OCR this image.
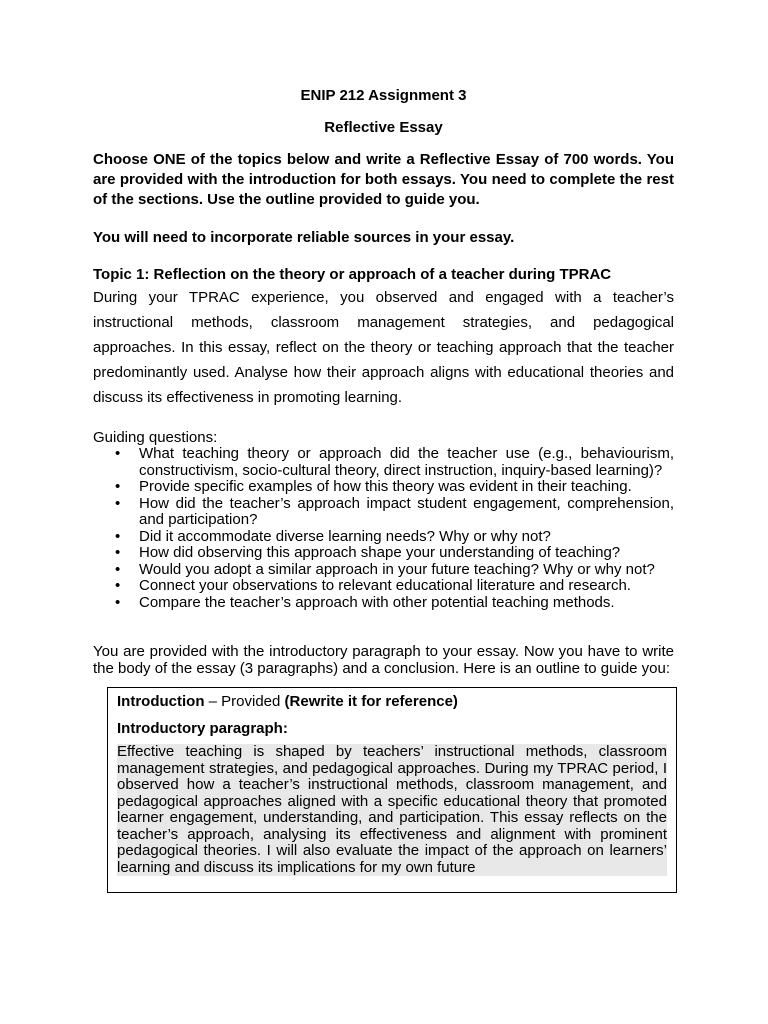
ENIP 212 Assignment 3

Reflective Essay

Choose ONE of the topics below and write a Reflective Essay of 700 words. You are provided with the introduction for both essays. You need to complete the rest of the sections. Use the outline provided to guide you.

You will need to incorporate reliable sources in your essay.

Topic 1: Reflection on the theory or approach of a teacher during TPRAC

During your TPRAC experience, you observed and engaged with a teacher’s instructional methods, classroom management strategies, and pedagogical approaches. In this essay, reflect on the theory or teaching approach that the teacher predominantly used. Analyse how their approach aligns with educational theories and discuss its effectiveness in promoting learning.

Guiding questions:

• What teaching theory or approach did the teacher use (e.g., behaviourism, constructivism, socio-cultural theory, direct instruction, inquiry-based learning)?
• Provide specific examples of how this theory was evident in their teaching.
• How did the teacher’s approach impact student engagement, comprehension, and participation?
• Did it accommodate diverse learning needs? Why or why not?
• How did observing this approach shape your understanding of teaching?
• Would you adopt a similar approach in your future teaching? Why or why not?
• Connect your observations to relevant educational literature and research.
• Compare the teacher’s approach with other potential teaching methods.

You are provided with the introductory paragraph to your essay. Now you have to write the body of the essay (3 paragraphs) and a conclusion. Here is an outline to guide you:

Introduction – Provided (Rewrite it for reference)

Introductory paragraph:

Effective teaching is shaped by teachers’ instructional methods, classroom management strategies, and pedagogical approaches. During my TPRAC period, I observed how a teacher’s instructional methods, classroom management, and pedagogical approaches aligned with a specific educational theory that promoted learner engagement, understanding, and participation. This essay reflects on the teacher’s approach, analysing its effectiveness and alignment with prominent pedagogical theories. I will also evaluate the impact of the approach on learners’ learning and discuss its implications for my own future
